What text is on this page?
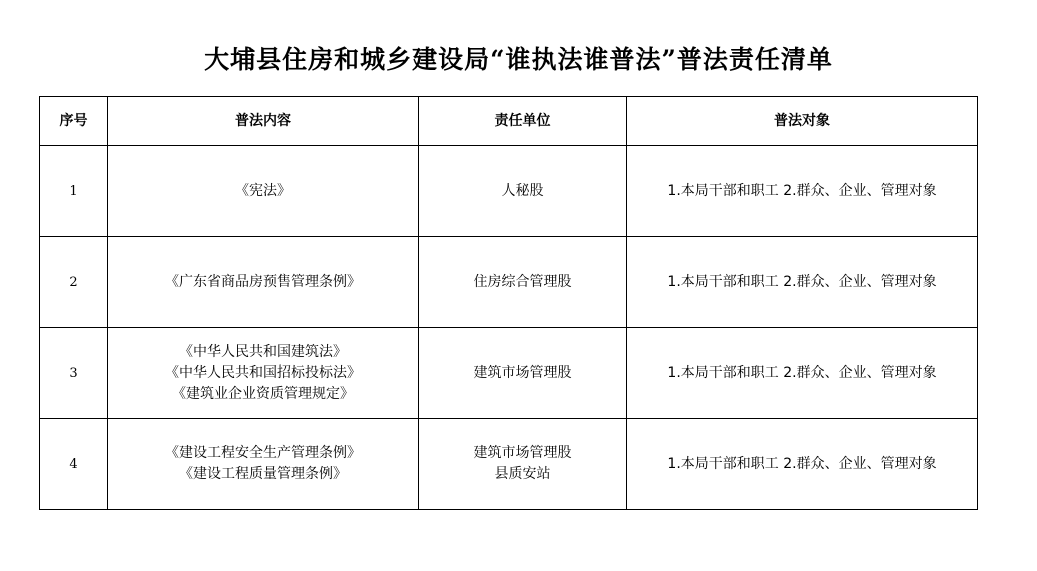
大埔县住房和城乡建设局“谁执法谁普法”普法责任清单
序号	普法内容	责任单位	普法对象
1	《宪法》	人秘股	1.本局干部和职工 2.群众、企业、管理对象
2	《广东省商品房预售管理条例》	住房综合管理股	1.本局干部和职工 2.群众、企业、管理对象
3	《中华人民共和国建筑法》
《中华人民共和国招标投标法》
《建筑业企业资质管理规定》	建筑市场管理股	1.本局干部和职工 2.群众、企业、管理对象
4	《建设工程安全生产管理条例》
《建设工程质量管理条例》	建筑市场管理股
县质安站	1.本局干部和职工 2.群众、企业、管理对象
